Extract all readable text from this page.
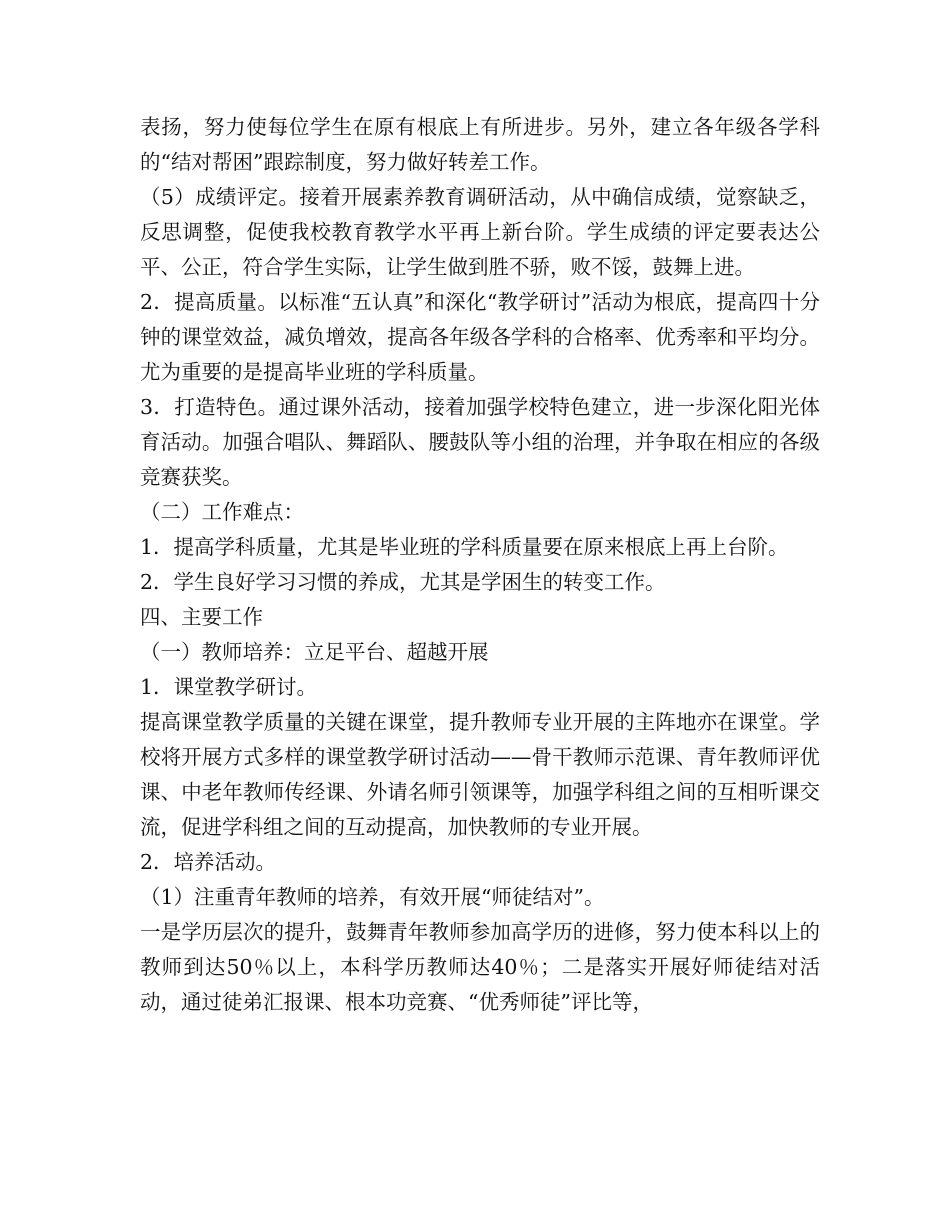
表扬，努力使每位学生在原有根底上有所进步。另外，建立各年级各学科的“结对帮困”跟踪制度，努力做好转差工作。

（5）成绩评定。接着开展素养教育调研活动，从中确信成绩，觉察缺乏，反思调整，促使我校教育教学水平再上新台阶。学生成绩的评定要表达公平、公正，符合学生实际，让学生做到胜不骄，败不馁，鼓舞上进。

2．提高质量。以标准“五认真”和深化“教学研讨”活动为根底，提高四十分钟的课堂效益，减负增效，提高各年级各学科的合格率、优秀率和平均分。尤为重要的是提高毕业班的学科质量。

3．打造特色。通过课外活动，接着加强学校特色建立，进一步深化阳光体育活动。加强合唱队、舞蹈队、腰鼓队等小组的治理，并争取在相应的各级竞赛获奖。

（二）工作难点：

1．提高学科质量，尤其是毕业班的学科质量要在原来根底上再上台阶。

2．学生良好学习习惯的养成，尤其是学困生的转变工作。

四、主要工作

（一）教师培养：立足平台、超越开展

1．课堂教学研讨。

提高课堂教学质量的关键在课堂，提升教师专业开展的主阵地亦在课堂。学校将开展方式多样的课堂教学研讨活动——骨干教师示范课、青年教师评优课、中老年教师传经课、外请名师引领课等，加强学科组之间的互相听课交流，促进学科组之间的互动提高，加快教师的专业开展。

2．培养活动。

（1）注重青年教师的培养，有效开展“师徒结对”。

一是学历层次的提升，鼓舞青年教师参加高学历的进修，努力使本科以上的教师到达50％以上，本科学历教师达40％；二是落实开展好师徒结对活动，通过徒弟汇报课、根本功竞赛、“优秀师徒”评比等，
